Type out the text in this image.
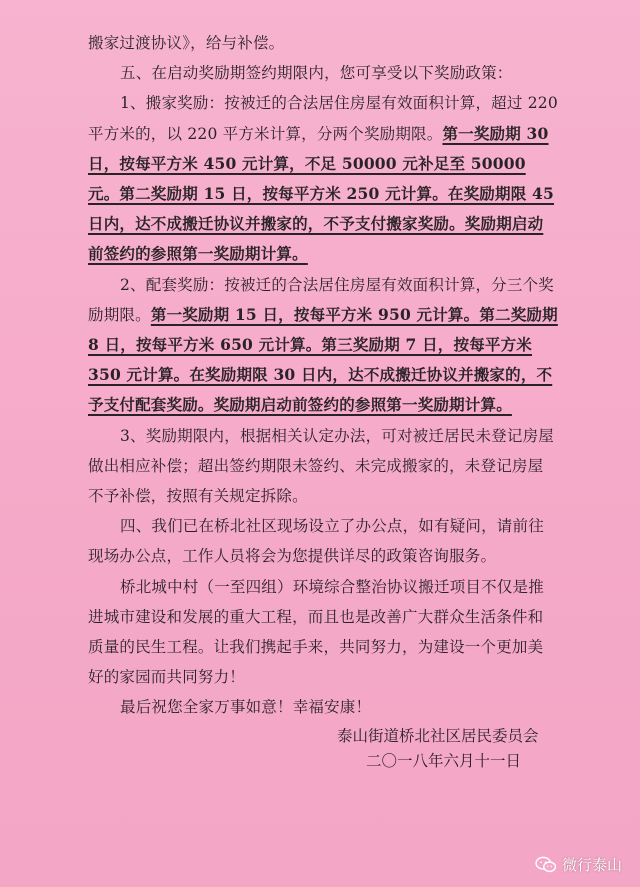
搬家过渡协议》，给与补偿。

五、在启动奖励期签约期限内，您可享受以下奖励政策：

1、搬家奖励：按被迁的合法居住房屋有效面积计算，超过 220 平方米的，以 220 平方米计算，分两个奖励期限。第一奖励期 30 日，按每平方米 450 元计算，不足 50000 元补足至 50000 元。第二奖励期 15 日，按每平方米 250 元计算。在奖励期限 45 日内，达不成搬迁协议并搬家的，不予支付搬家奖励。奖励期启动前签约的参照第一奖励期计算。

2、配套奖励：按被迁的合法居住房屋有效面积计算，分三个奖励期限。第一奖励期 15 日，按每平方米 950 元计算。第二奖励期 8 日，按每平方米 650 元计算。第三奖励期 7 日，按每平方米 350 元计算。在奖励期限 30 日内，达不成搬迁协议并搬家的，不予支付配套奖励。奖励期启动前签约的参照第一奖励期计算。

3、奖励期限内，根据相关认定办法，可对被迁居民未登记房屋做出相应补偿；超出签约期限未签约、未完成搬家的，未登记房屋不予补偿，按照有关规定拆除。

四、我们已在桥北社区现场设立了办公点，如有疑问，请前往现场办公点，工作人员将会为您提供详尽的政策咨询服务。

桥北城中村（一至四组）环境综合整治协议搬迁项目不仅是推进城市建设和发展的重大工程，而且也是改善广大群众生活条件和质量的民生工程。让我们携起手来，共同努力，为建设一个更加美好的家园而共同努力！

最后祝您全家万事如意！幸福安康！

泰山街道桥北社区居民委员会
二〇一八年六月十一日
微行泰山
